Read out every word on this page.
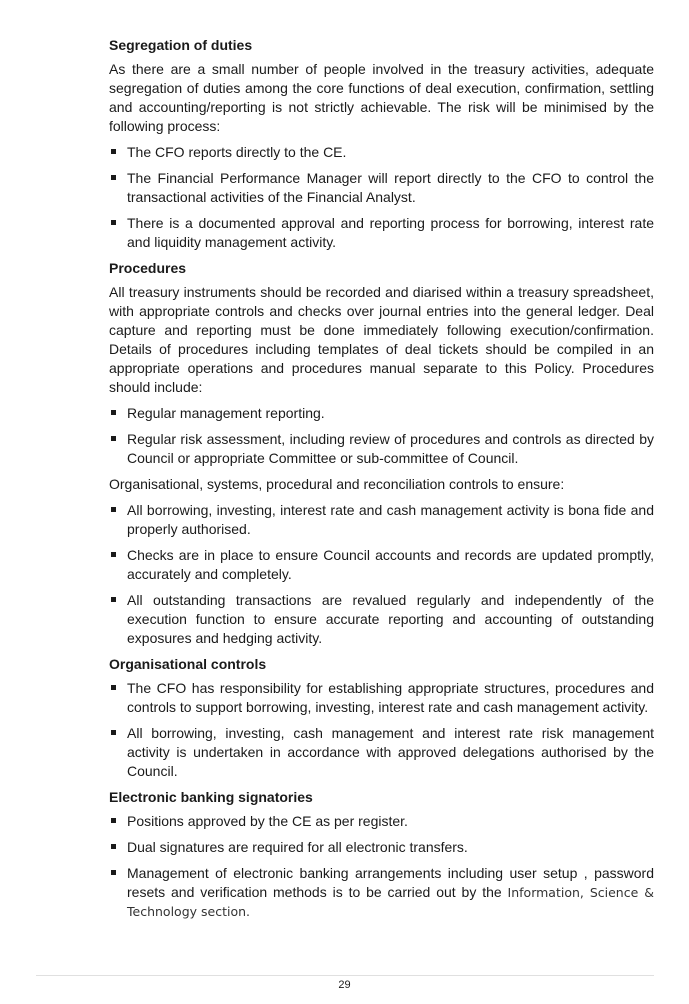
Segregation of duties

As there are a small number of people involved in the treasury activities, adequate segregation of duties among the core functions of deal execution, confirmation, settling and accounting/reporting is not strictly achievable. The risk will be minimised by the following process:

The CFO reports directly to the CE.
The Financial Performance Manager will report directly to the CFO to control the transactional activities of the Financial Analyst.
There is a documented approval and reporting process for borrowing, interest rate and liquidity management activity.
Procedures

All treasury instruments should be recorded and diarised within a treasury spreadsheet, with appropriate controls and checks over journal entries into the general ledger. Deal capture and reporting must be done immediately following execution/confirmation. Details of procedures including templates of deal tickets should be compiled in an appropriate operations and procedures manual separate to this Policy. Procedures should include:

Regular management reporting.
Regular risk assessment, including review of procedures and controls as directed by Council or appropriate Committee or sub-committee of Council.

Organisational, systems, procedural and reconciliation controls to ensure:

All borrowing, investing, interest rate and cash management activity is bona fide and properly authorised.
Checks are in place to ensure Council accounts and records are updated promptly, accurately and completely.
All outstanding transactions are revalued regularly and independently of the execution function to ensure accurate reporting and accounting of outstanding exposures and hedging activity.
Organisational controls
The CFO has responsibility for establishing appropriate structures, procedures and controls to support borrowing, investing, interest rate and cash management activity.
All borrowing, investing, cash management and interest rate risk management activity is undertaken in accordance with approved delegations authorised by the Council.
Electronic banking signatories
Positions approved by the CE as per register.
Dual signatures are required for all electronic transfers.
Management of electronic banking arrangements including user setup , password resets and verification methods is to be carried out by the Information, Science & Technology section.
29
